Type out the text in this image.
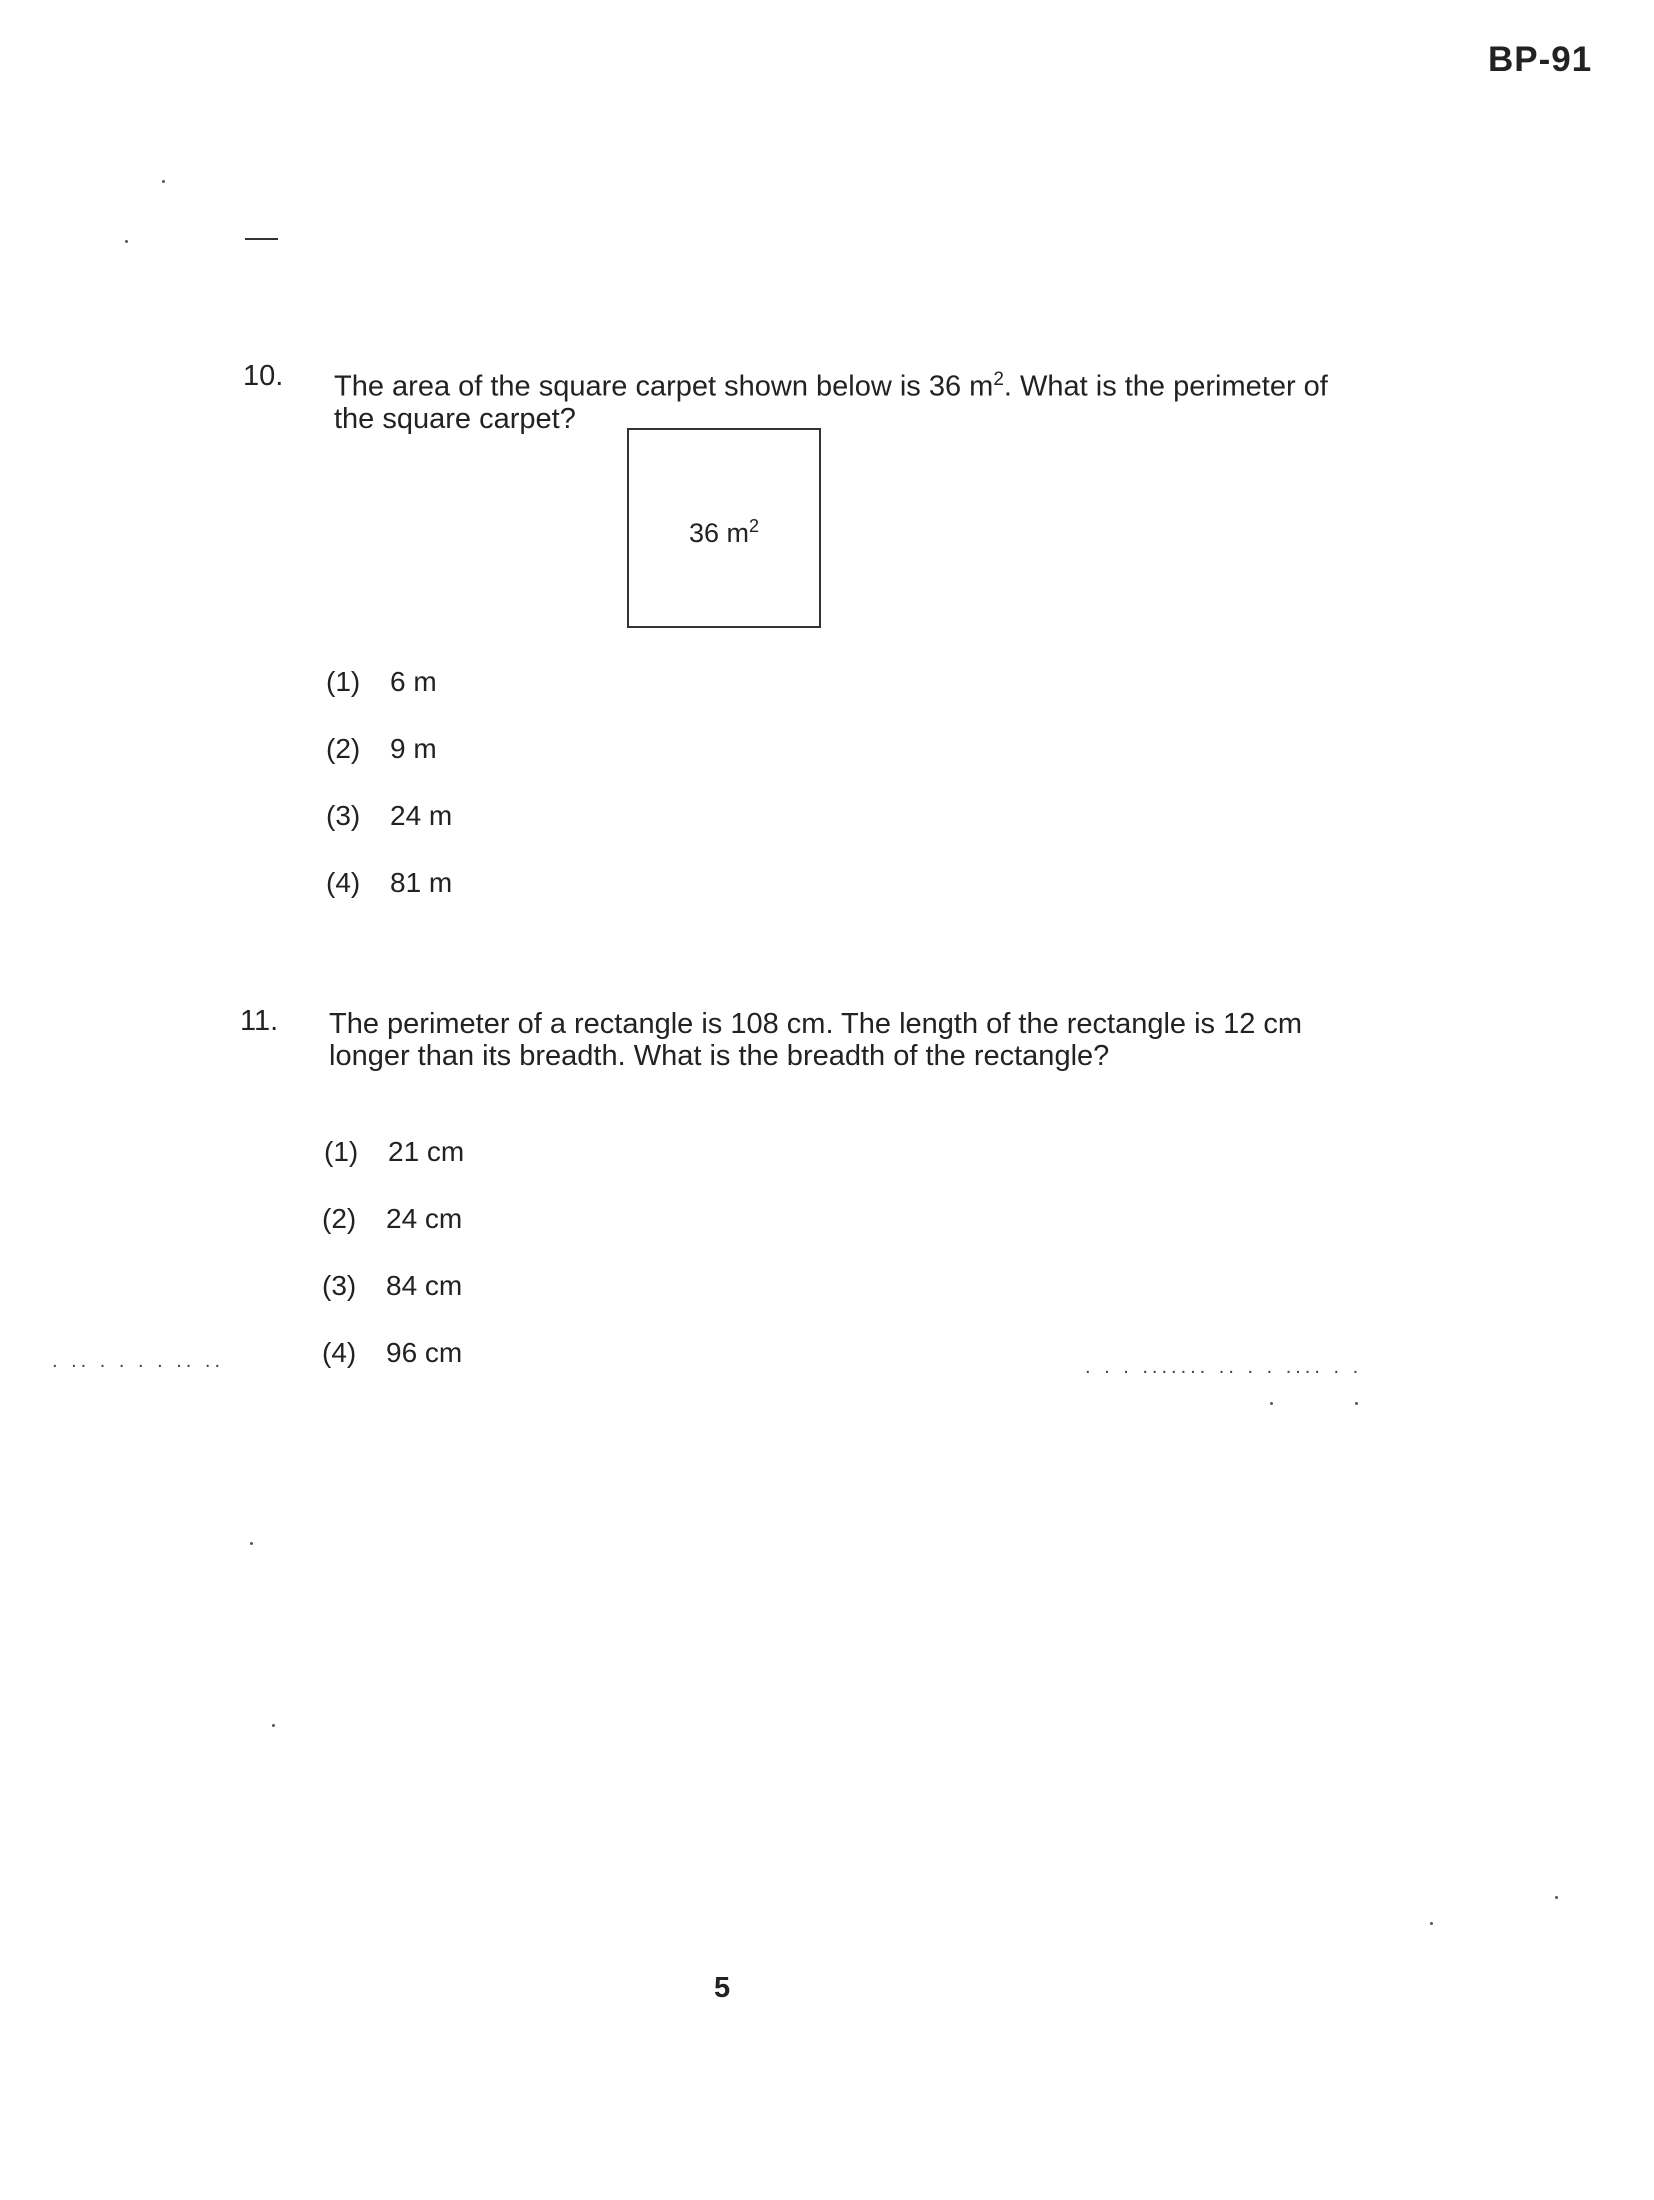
BP-91
10. The area of the square carpet shown below is 36 $m^2$. What is the perimeter of
the square carpet?
36 $m^2$
(1) 6 m
(2) 9 m
(3) 24 m
(4) 81 m
11. The perimeter of a rectangle is 108 cm. The length of the rectangle is 12 cm
longer than its breadth. What is the breadth of the rectangle?
(1) 21 cm
(2) 24 cm
(3) 84 cm
(4) 96 cm
. .. . . . . .. ..	. . . ....... .. . . .... . .
5
